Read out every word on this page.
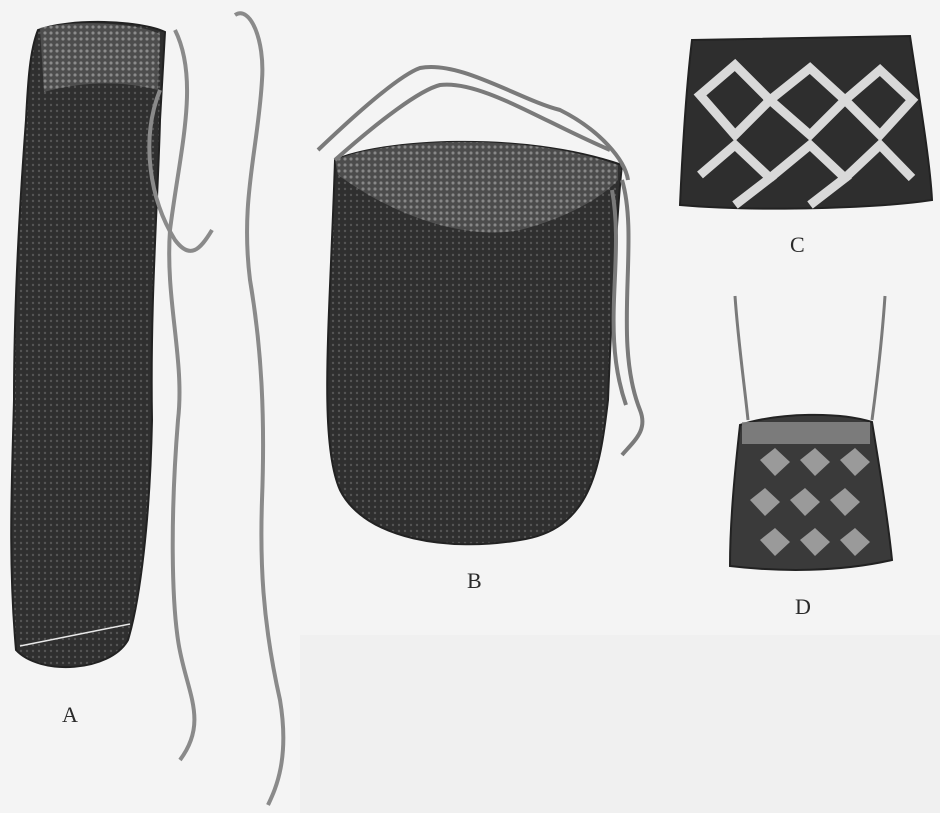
A
B
C
D
